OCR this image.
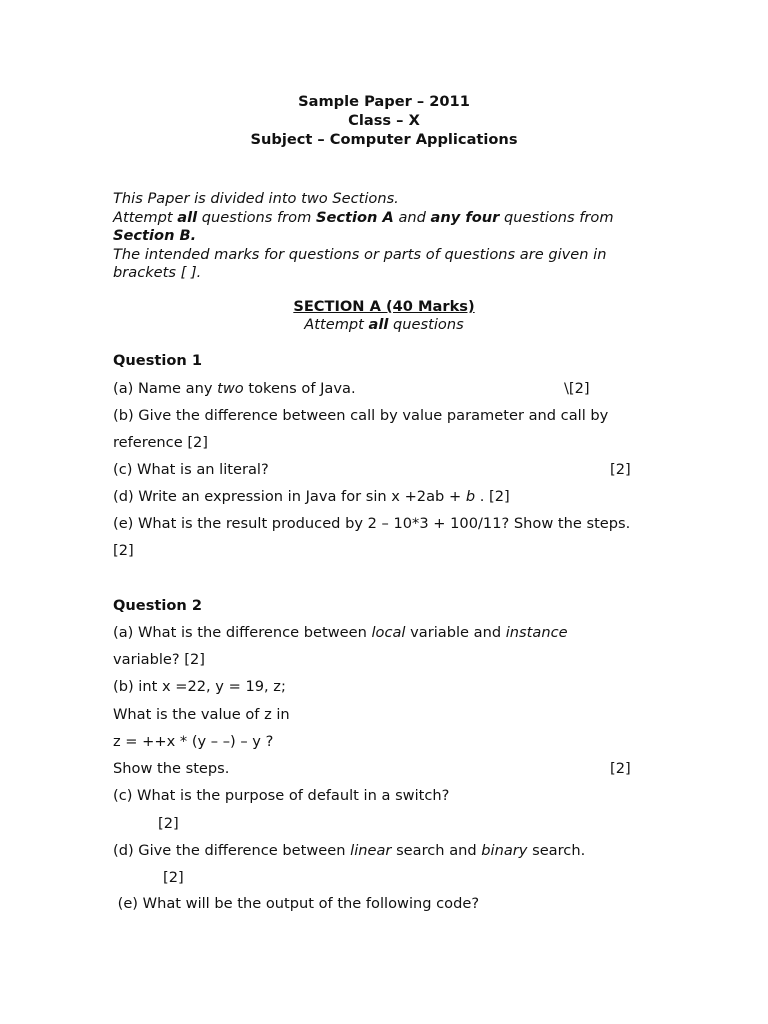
Sample Paper – 2011
Class – X
Subject – Computer Applications
This Paper is divided into two Sections.
Attempt all questions from Section A and any four questions from
Section B.
The intended marks for questions or parts of questions are given in
brackets [ ].
SECTION A (40 Marks)
Attempt all questions
Question 1
(a) Name any two tokens of Java.	\[2]
(b) Give the difference between call by value parameter and call by
reference [2]
(c) What is an literal?	[2]
(d) Write an expression in Java for sin x +2ab + b . [2]
(e) What is the result produced by 2 – 10*3 + 100/11? Show the steps.
[2]
Question 2
(a) What is the difference between local variable and instance
variable? [2]
(b) int x =22, y = 19, z;
What is the value of z in
z = ++x * (y – –) – y ?
Show the steps.	[2]
(c) What is the purpose of default in a switch?
[2]
(d) Give the difference between linear search and binary search.
[2]
(e) What will be the output of the following code?
